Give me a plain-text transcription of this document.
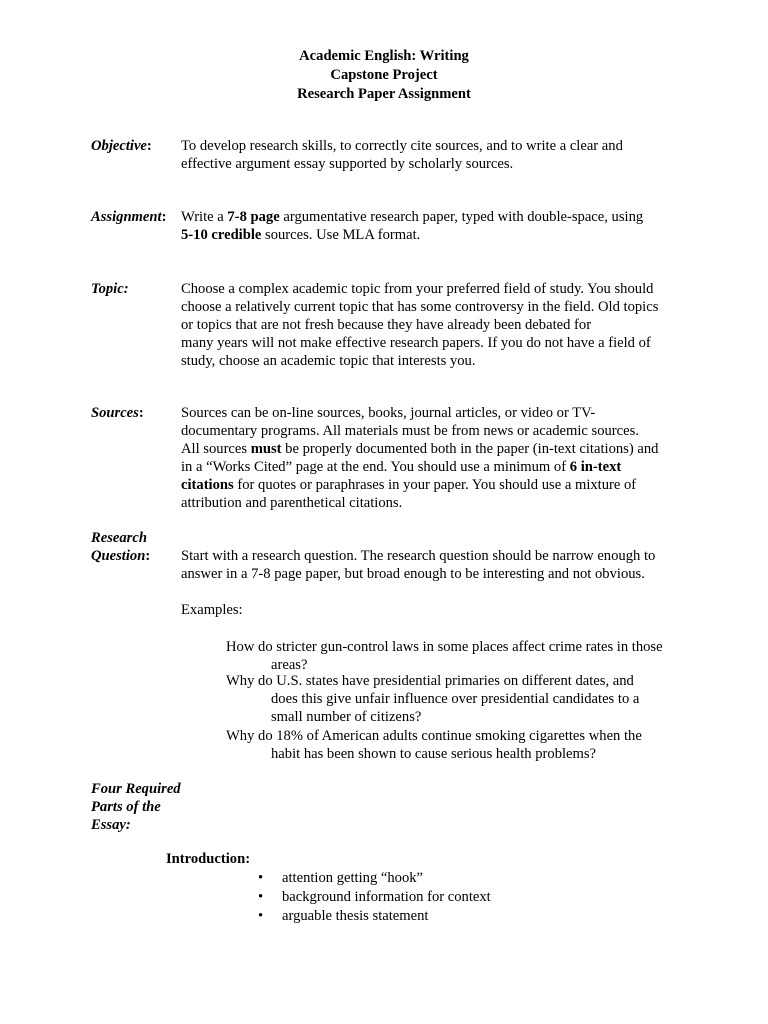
Academic English: Writing
Capstone Project
Research Paper Assignment
Objective:	To develop research skills, to correctly cite sources, and to write a clear and
effective argument essay supported by scholarly sources.
Assignment: Write a 7-8 page argumentative research paper, typed with double-space, using
5-10 credible sources. Use MLA format.
Topic:	Choose a complex academic topic from your preferred field of study. You should
choose a relatively current topic that has some controversy in the field. Old topics
or topics that are not fresh because they have already been debated for
many years will not make effective research papers. If you do not have a field of
study, choose an academic topic that interests you.
Sources:	Sources can be on-line sources, books, journal articles, or video or TV-
documentary programs. All materials must be from news or academic sources.
All sources must be properly documented both in the paper (in-text citations) and
in a “Works Cited” page at the end. You should use a minimum of 6 in-text
citations for quotes or paraphrases in your paper. You should use a mixture of
attribution and parenthetical citations.
Research
Question:	Start with a research question. The research question should be narrow enough to
answer in a 7-8 page paper, but broad enough to be interesting and not obvious.
Examples:
How do stricter gun-control laws in some places affect crime rates in those
areas?
Why do U.S. states have presidential primaries on different dates, and
does this give unfair influence over presidential candidates to a
small number of citizens?
Why do 18% of American adults continue smoking cigarettes when the
habit has been shown to cause serious health problems?
Four Required
Parts of the
Essay:
Introduction:
• attention getting “hook”
• background information for context
• arguable thesis statement
